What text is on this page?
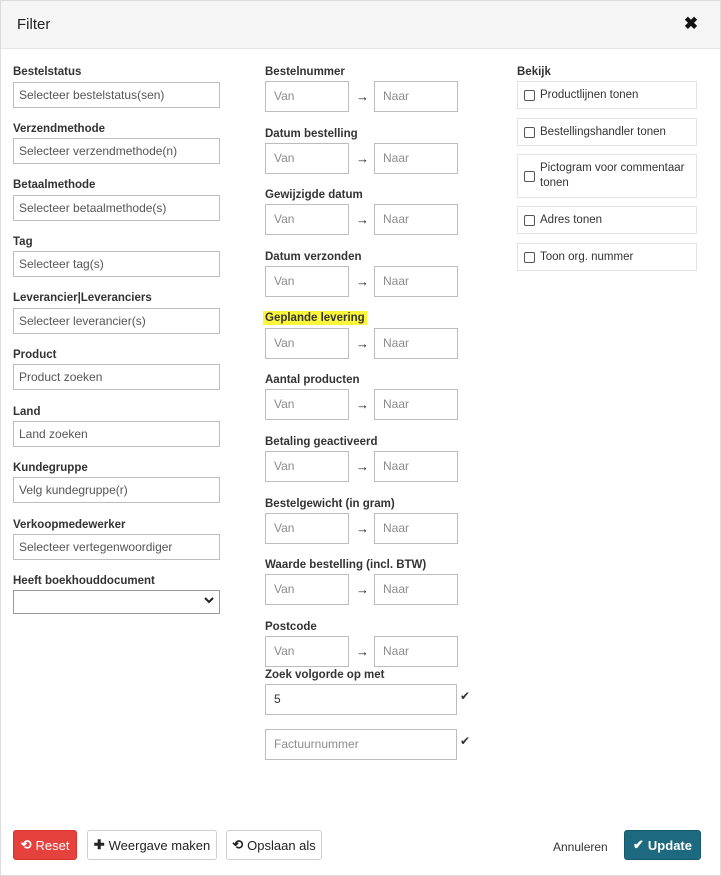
Filter	✖
Bestelstatus
Selecteer bestelstatus(sen)
Verzendmethode
Selecteer verzendmethode(n)
Betaalmethode
Selecteer betaalmethode(s)
Tag
Selecteer tag(s)
Leverancier|Leveranciers
Selecteer leverancier(s)
Product
Product zoeken
Land
Land zoeken
Kundegruppe
Velg kundegruppe(r)
Verkoopmedewerker
Selecteer vertegenwoordiger
Heeft boekhouddocument
Bestelnummer
Van	→	Naar
Datum bestelling
Van	→	Naar
Gewijzigde datum
Van	→	Naar
Datum verzonden
Van	→	Naar
Geplande levering
Van	→	Naar
Aantal producten
Van	→	Naar
Betaling geactiveerd
Van	→	Naar
Bestelgewicht (in gram)
Van	→	Naar
Waarde bestelling (incl. BTW)
Van	→	Naar
Postcode
Van	→	Naar
Zoek volgorde op met
5	✔
Factuurnummer	✔
Bekijk
Productlijnen tonen
Bestellingshandler tonen
Pictogram voor commentaar tonen
Adres tonen
Toon org. nummer
⟲ Reset ✚ Weergave maken ⟲ Opslaan als	Annuleren ✔ Update
